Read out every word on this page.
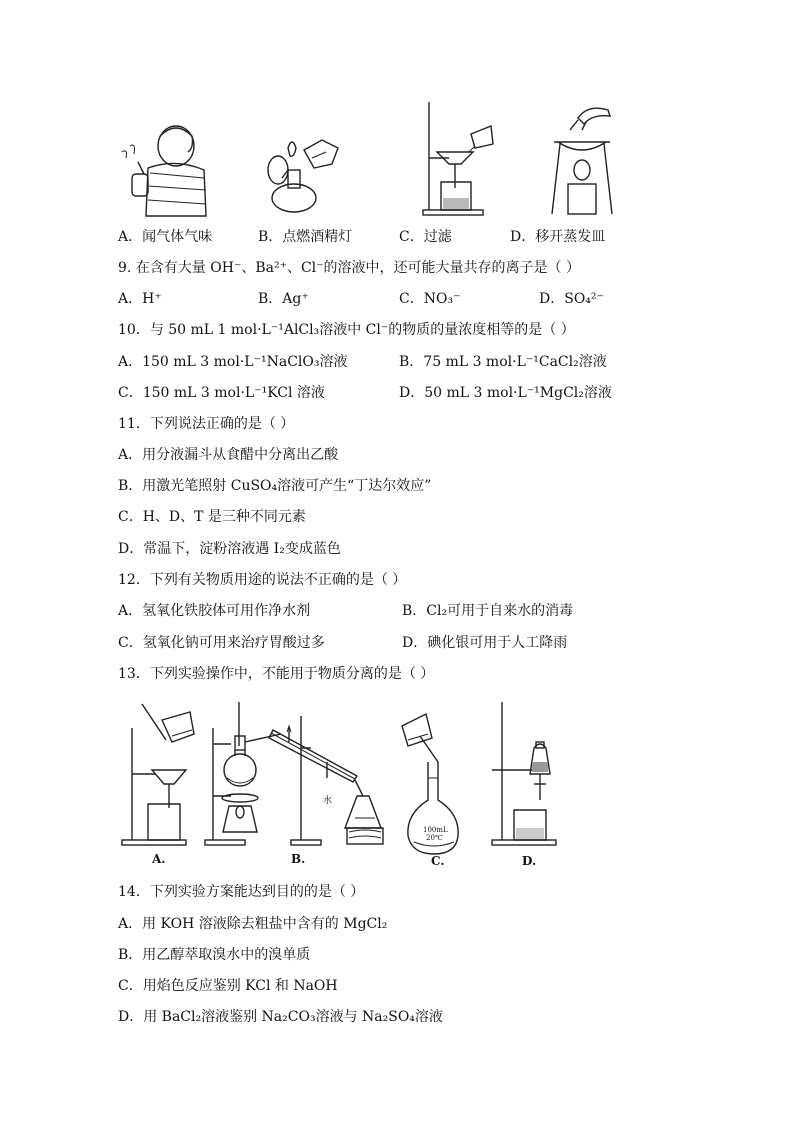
A．闻气体气味	B．点燃酒精灯	C．过滤	D．移开蒸发皿
9. 在含有大量 OH⁻、Ba²⁺、Cl⁻的溶液中，还可能大量共存的离子是（ ）
A．H⁺	B．Ag⁺	C．NO₃⁻	D．SO₄²⁻
10．与 50 mL 1 mol·L⁻¹AlCl₃溶液中 Cl⁻的物质的量浓度相等的是（ ）
A．150 mL 3 mol·L⁻¹NaClO₃溶液	B．75 mL 3 mol·L⁻¹CaCl₂溶液
C．150 mL 3 mol·L⁻¹KCl 溶液	D．50 mL 3 mol·L⁻¹MgCl₂溶液
11．下列说法正确的是（ ）
A．用分液漏斗从食醋中分离出乙酸
B．用激光笔照射 CuSO₄溶液可产生“丁达尔效应”
C．H、D、T 是三种不同元素
D．常温下，淀粉溶液遇 I₂变成蓝色
12．下列有关物质用途的说法不正确的是（ ）
A．氢氧化铁胶体可用作净水剂	B．Cl₂可用于自来水的消毒
C．氢氧化钠可用来治疗胃酸过多	D．碘化银可用于人工降雨
13．下列实验操作中，不能用于物质分离的是（ ）
A.
水
B.
100mL
20℃
C.	D.
14．下列实验方案能达到目的的是（ ）
A．用 KOH 溶液除去粗盐中含有的 MgCl₂
B．用乙醇萃取溴水中的溴单质
C．用焰色反应鉴别 KCl 和 NaOH
D．用 BaCl₂溶液鉴别 Na₂CO₃溶液与 Na₂SO₄溶液
